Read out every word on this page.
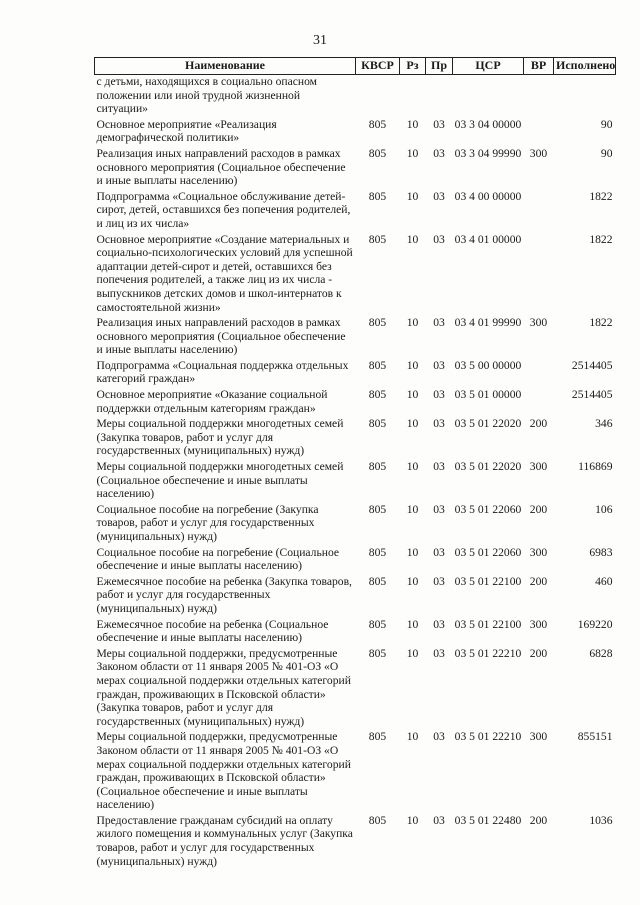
31
Наименование	КВСР	Рз	Пр	ЦСР	ВР	Исполнено
с детьми, находящихся в социально опасном положении или иной трудной жизненной ситуации»						
Основное мероприятие «Реализация демографической политики»	805	10	03	03 3 04 00000		90
Реализация иных направлений расходов в рамках основного мероприятия (Социальное обеспечение и иные выплаты населению)	805	10	03	03 3 04 99990	300	90
Подпрограмма «Социальное обслуживание детей-сирот, детей, оставшихся без попечения родителей, и лиц из их числа»	805	10	03	03 4 00 00000		1822
Основное мероприятие «Создание материальных и социально-психологических условий для успешной адаптации детей-сирот и детей, оставшихся без попечения родителей, а также лиц из их числа - выпускников детских домов и школ-интернатов к самостоятельной жизни»	805	10	03	03 4 01 00000		1822
Реализация иных направлений расходов в рамках основного мероприятия (Социальное обеспечение и иные выплаты населению)	805	10	03	03 4 01 99990	300	1822
Подпрограмма «Социальная поддержка отдельных категорий граждан»	805	10	03	03 5 00 00000		2514405
Основное мероприятие «Оказание социальной поддержки отдельным категориям граждан»	805	10	03	03 5 01 00000		2514405
Меры социальной поддержки многодетных семей (Закупка товаров, работ и услуг для государственных (муниципальных) нужд)	805	10	03	03 5 01 22020	200	346
Меры социальной поддержки многодетных семей (Социальное обеспечение и иные выплаты населению)	805	10	03	03 5 01 22020	300	116869
Социальное пособие на погребение (Закупка товаров, работ и услуг для государственных (муниципальных) нужд)	805	10	03	03 5 01 22060	200	106
Социальное пособие на погребение (Социальное обеспечение и иные выплаты населению)	805	10	03	03 5 01 22060	300	6983
Ежемесячное пособие на ребенка (Закупка товаров, работ и услуг для государственных (муниципальных) нужд)	805	10	03	03 5 01 22100	200	460
Ежемесячное пособие на ребенка (Социальное обеспечение и иные выплаты населению)	805	10	03	03 5 01 22100	300	169220
Меры социальной поддержки, предусмотренные Законом области от 11 января 2005 № 401-ОЗ «О мерах социальной поддержки отдельных категорий граждан, проживающих в Псковской области» (Закупка товаров, работ и услуг для государственных (муниципальных) нужд)	805	10	03	03 5 01 22210	200	6828
Меры социальной поддержки, предусмотренные Законом области от 11 января 2005 № 401-ОЗ «О мерах социальной поддержки отдельных категорий граждан, проживающих в Псковской области» (Социальное обеспечение и иные выплаты населению)	805	10	03	03 5 01 22210	300	855151
Предоставление гражданам субсидий на оплату жилого помещения и коммунальных услуг (Закупка товаров, работ и услуг для государственных (муниципальных) нужд)	805	10	03	03 5 01 22480	200	1036
